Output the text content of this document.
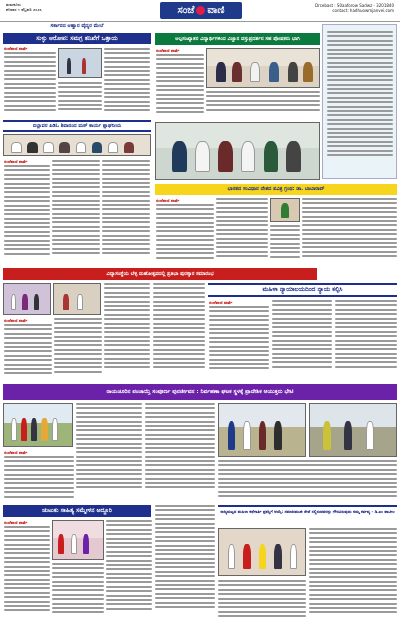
ತುಮಕೂರು
ಶನಿವಾರ ೧ ಫೆಬ್ರವರಿ ೨೦೨೬	ಸಂಜೆ ವಾಣಿ	Drcebast : S0aaforow Sadwz - 3201840
contact: hadhuowmjanvei.com
ಸರ್ಕಾರದ ಆಹ್ವಾನ ವೈದ್ಯರ ಮೇಲೆ
ಸುಳ್ಳು ಆರೋಪ: ಸಮಗ್ರ ತನಿಖೆಗೆ ಒತ್ತಾಯ
ಸಂಜೆವಾಣಿ ವಾರ್ತೆ
ಅಲ್ಪಸಂಖ್ಯಾತರ ವಿದ್ಯಾರ್ಥಿಗಳಿಂದ ವಿಜ್ಞಾನ ವಸ್ತುಪ್ರದರ್ಶನ ಸಹ ಪೋಷಕರು ಭಾಗಿ
ಸಂಜೆವಾಣಿ ವಾರ್ತೆ
ಬಿಲ್ಲಾವರ ಪಿಡಿಓ ಶಿವಾನಂದ ಮಠ್ ಕಾರ್ಯ ಶ್ಲಾಘನೀಯ
ಸಂಜೆವಾಣಿ ವಾರ್ತೆ
ಭಾರತದ ಸಂವಿಧಾನ ದೇಶದ ಪವಿತ್ರ ಗ್ರಂಥ: ಡಾ. ಬಾಬಾರಾವ್
ಸಂಜೆವಾಣಿ ವಾರ್ತೆ
ವಿದ್ಯಾಸಂಸ್ಥೆಯ ಬೆಳ್ಳಿ ಮಹೋತ್ಸವದಲ್ಲಿ ಪ್ರತಿಭಾ ಪುರಸ್ಕಾರ ಸಮಾರಂಭ
ಸಂಜೆವಾಣಿ ವಾರ್ತೆ
ಮಹಿಳಾ ನ್ಯಾಯಾಲಯದಿಂದ ನ್ಯಾಯ ಕಲ್ಪಿಸಿ
ಸಂಜೆವಾಣಿ ವಾರ್ತೆ
ರಾಯಚೂರಿನ ಪಂಚಾಯ್ತಿ ಸಂಪೂರ್ಣ ಪುನರ್ಜೀವನ : ನಿರ್ವಹಣಾ ಘಟಕ ಸ್ಥಳಕ್ಕೆ ಪ್ರಾದೇಶಿಕ ಆಯುಕ್ತರು ಭೇಟಿ
ಸಂಜೆವಾಣಿ ವಾರ್ತೆ
ಚುಟುಕು ಸಾಹಿತ್ಯ ಸಮ್ಮೇಳನ ಅದ್ದೂರಿ
ಸಂಜೆವಾಣಿ ವಾರ್ತೆ
ರಾಜ್ಯಮಟ್ಟದ ಮಹಿಳಾ ಕಥೆಗಾರ್ತಿ ಪ್ರಶಸ್ತಿಗೆ ಆಯ್ಕೆ: ಸಮಾಜಮುಖಿ ಸೇವೆ ಸಲ್ಲಿಸುವವರನ್ನು ಗೌರವಿಸುವುದು ನಮ್ಮ ಕರ್ತವ್ಯ - ಡಿ.ಎಂ ಪಾಟೀಲ
